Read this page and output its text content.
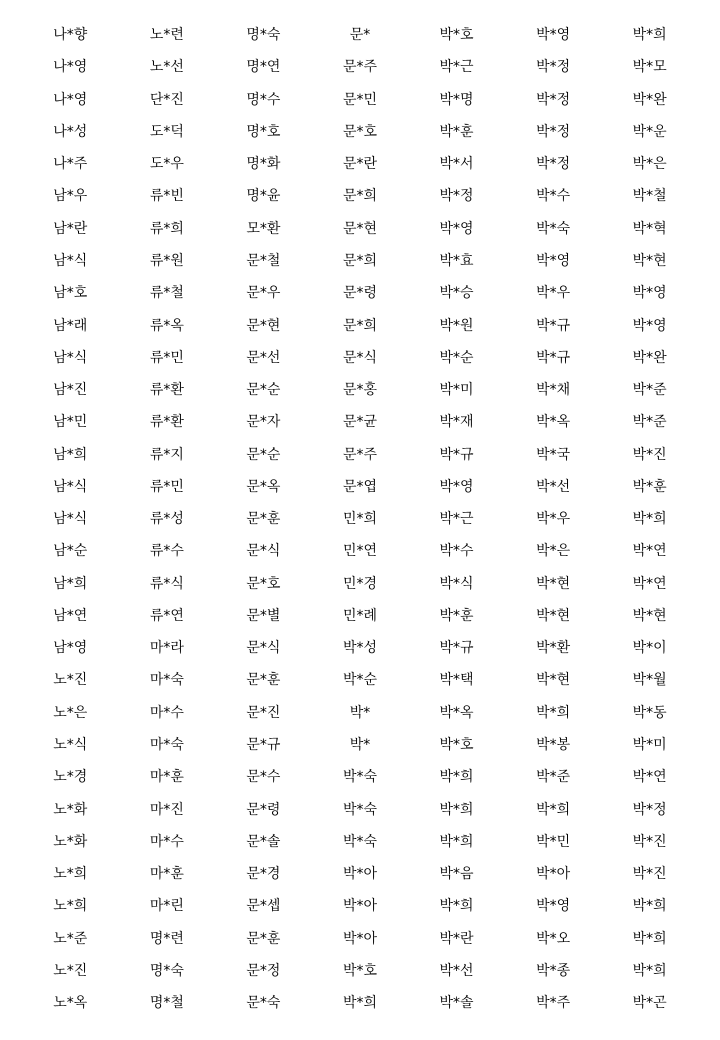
나*향	노*련	명*숙	문*	박*호	박*영	박*희
나*영	노*선	명*연	문*주	박*근	박*정	박*모
나*영	단*진	명*수	문*민	박*명	박*정	박*완
나*성	도*덕	명*호	문*호	박*훈	박*정	박*운
나*주	도*우	명*화	문*란	박*서	박*정	박*은
남*우	류*빈	명*윤	문*희	박*정	박*수	박*철
남*란	류*희	모*환	문*현	박*영	박*숙	박*혁
남*식	류*원	문*철	문*희	박*효	박*영	박*현
남*호	류*철	문*우	문*령	박*승	박*우	박*영
남*래	류*옥	문*현	문*희	박*원	박*규	박*영
남*식	류*민	문*선	문*식	박*순	박*규	박*완
남*진	류*환	문*순	문*홍	박*미	박*채	박*준
남*민	류*환	문*자	문*균	박*재	박*옥	박*준
남*희	류*지	문*순	문*주	박*규	박*국	박*진
남*식	류*민	문*옥	문*엽	박*영	박*선	박*훈
남*식	류*성	문*훈	민*희	박*근	박*우	박*희
남*순	류*수	문*식	민*연	박*수	박*은	박*연
남*희	류*식	문*호	민*경	박*식	박*현	박*연
남*연	류*연	문*별	민*례	박*훈	박*현	박*현
남*영	마*라	문*식	박*성	박*규	박*환	박*이
노*진	마*숙	문*훈	박*순	박*택	박*현	박*월
노*은	마*수	문*진	박*	박*옥	박*희	박*동
노*식	마*숙	문*규	박*	박*호	박*봉	박*미
노*경	마*훈	문*수	박*숙	박*희	박*준	박*연
노*화	마*진	문*령	박*숙	박*희	박*희	박*정
노*화	마*수	문*솔	박*숙	박*희	박*민	박*진
노*희	마*훈	문*경	박*아	박*음	박*아	박*진
노*희	마*린	문*셉	박*아	박*희	박*영	박*희
노*준	명*련	문*훈	박*아	박*란	박*오	박*희
노*진	명*숙	문*정	박*호	박*선	박*종	박*희
노*옥	명*철	문*숙	박*희	박*솔	박*주	박*곤
